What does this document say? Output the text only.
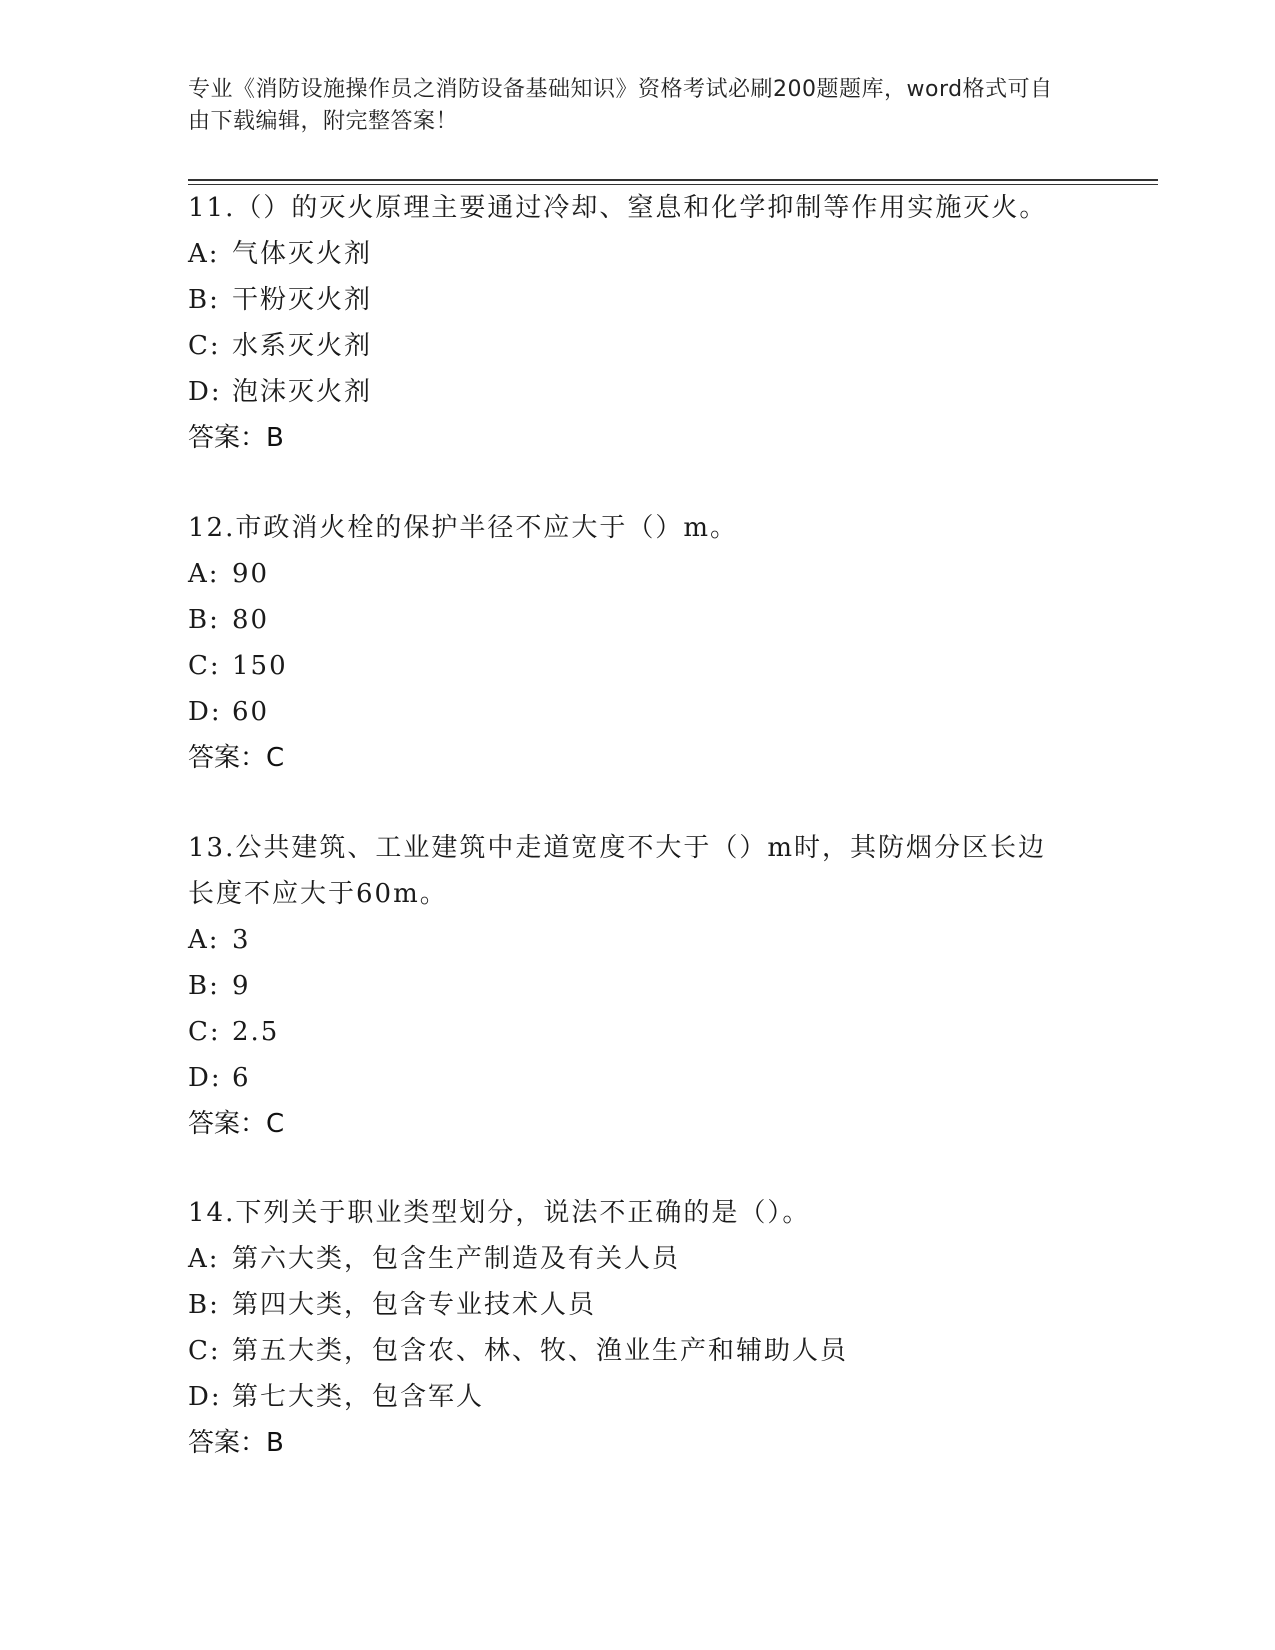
专业《消防设施操作员之消防设备基础知识》资格考试必刷200题题库，word格式可自由下载编辑，附完整答案！

11.（）的灭火原理主要通过冷却、窒息和化学抑制等作用实施灭火。

A: 气体灭火剂

B: 干粉灭火剂

C: 水系灭火剂

D: 泡沫灭火剂

答案：B

12.市政消火栓的保护半径不应大于（）m。

A: 90

B: 80

C: 150

D: 60

答案：C

13.公共建筑、工业建筑中走道宽度不大于（）m时，其防烟分区长边长度不应大于60m。

A: 3

B: 9

C: 2.5

D: 6

答案：C

14.下列关于职业类型划分，说法不正确的是（）。

A: 第六大类，包含生产制造及有关人员

B: 第四大类，包含专业技术人员

C: 第五大类，包含农、林、牧、渔业生产和辅助人员

D: 第七大类，包含军人

答案：B
